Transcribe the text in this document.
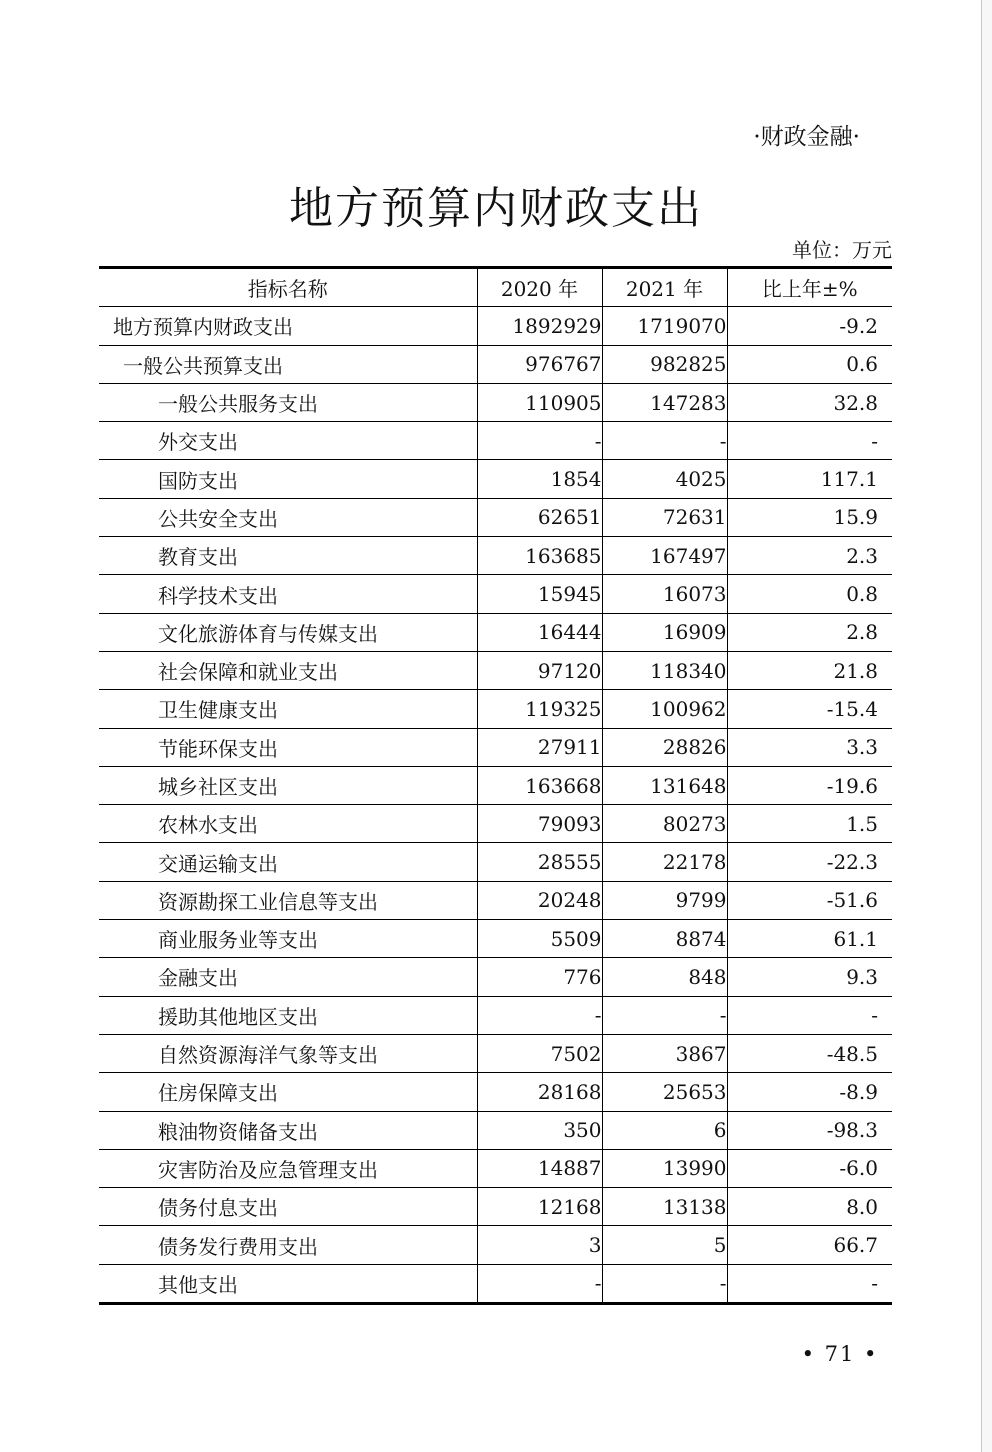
·财政金融·
地方预算内财政支出
单位：万元
指标名称	2020 年	2021 年	比上年±%
地方预算内财政支出	1892929	1719070	-9.2
一般公共预算支出	976767	982825	0.6
一般公共服务支出	110905	147283	32.8
外交支出	-	-	-
国防支出	1854	4025	117.1
公共安全支出	62651	72631	15.9
教育支出	163685	167497	2.3
科学技术支出	15945	16073	0.8
文化旅游体育与传媒支出	16444	16909	2.8
社会保障和就业支出	97120	118340	21.8
卫生健康支出	119325	100962	-15.4
节能环保支出	27911	28826	3.3
城乡社区支出	163668	131648	-19.6
农林水支出	79093	80273	1.5
交通运输支出	28555	22178	-22.3
资源勘探工业信息等支出	20248	9799	-51.6
商业服务业等支出	5509	8874	61.1
金融支出	776	848	9.3
援助其他地区支出	-	-	-
自然资源海洋气象等支出	7502	3867	-48.5
住房保障支出	28168	25653	-8.9
粮油物资储备支出	350	6	-98.3
灾害防治及应急管理支出	14887	13990	-6.0
债务付息支出	12168	13138	8.0
债务发行费用支出	3	5	66.7
其他支出	-	-	-
• 71 •
